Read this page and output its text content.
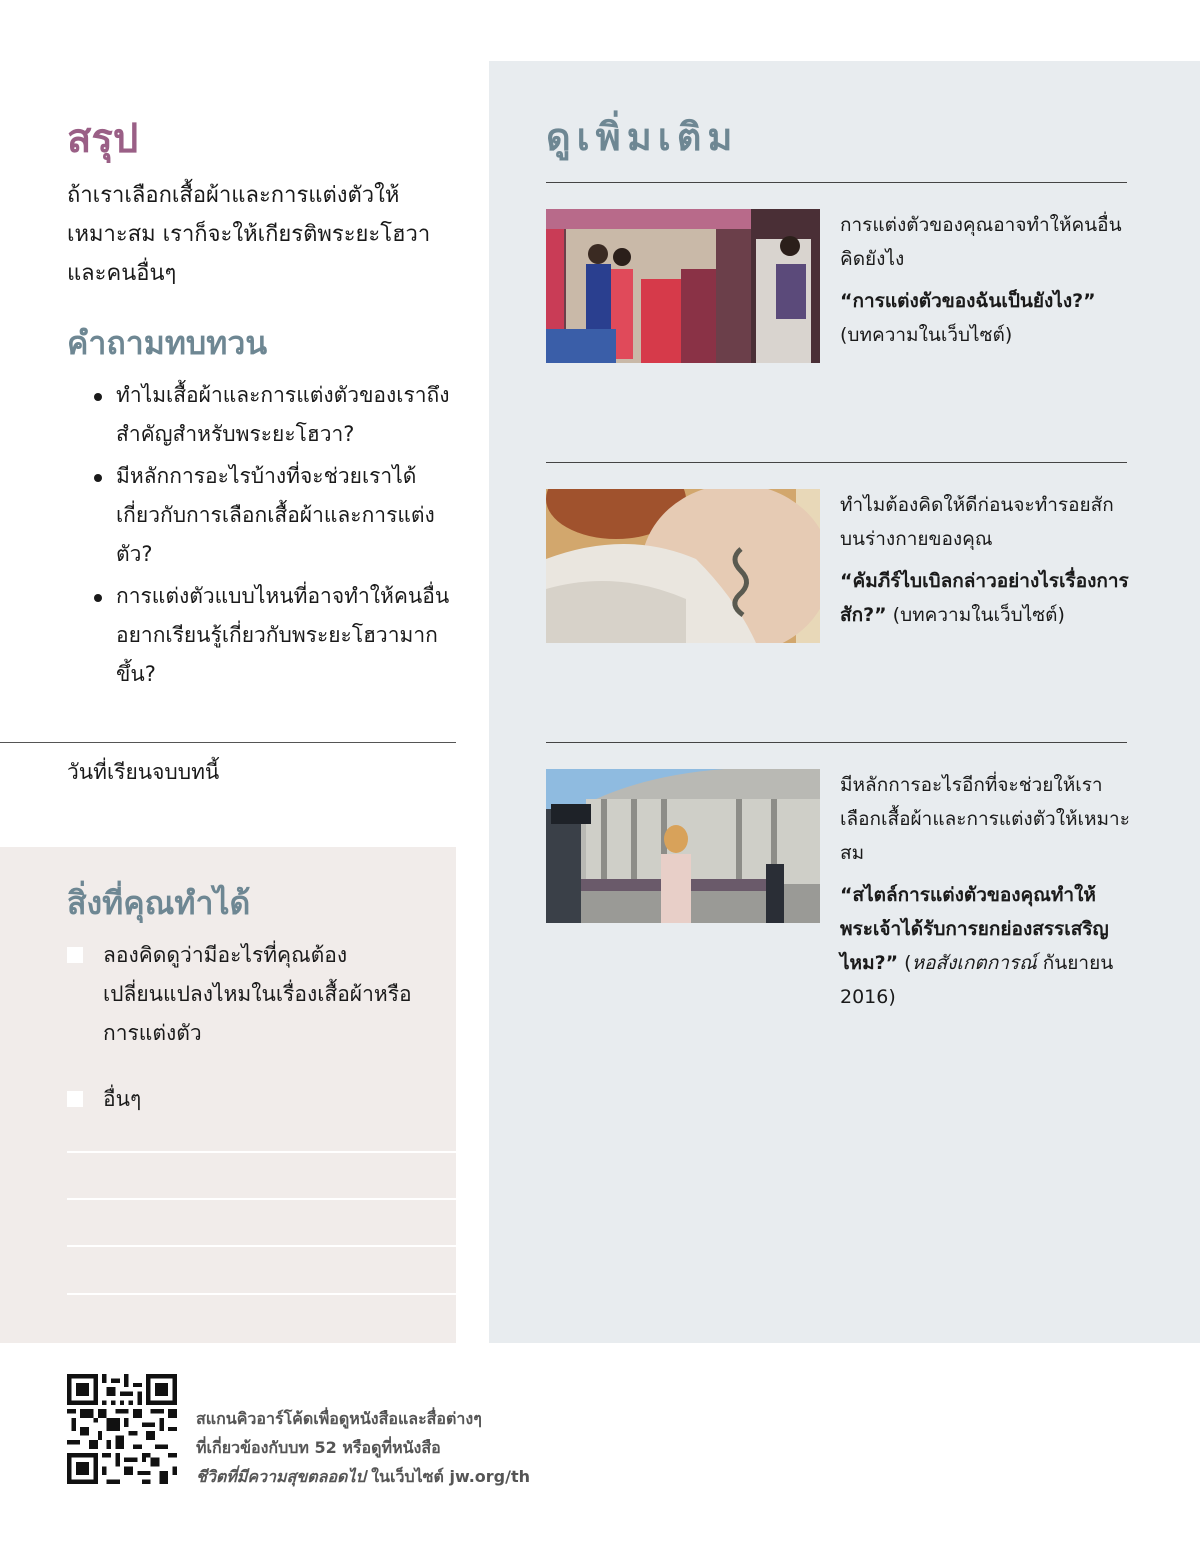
สรุป

ถ้าเราเลือกเสื้อผ้าและการแต่งตัวให้เหมาะสม เราก็จะให้เกียรติพระยะโฮวาและคนอื่นๆ

คำถามทบทวน
ทำไมเสื้อผ้าและการแต่งตัวของเราถึงสำคัญสำหรับพระยะโฮวา?
มีหลักการอะไรบ้างที่จะช่วยเราได้เกี่ยวกับการเลือกเสื้อผ้าและการแต่งตัว?
การแต่งตัวแบบไหนที่อาจทำให้คนอื่นอยากเรียนรู้เกี่ยวกับพระยะโฮวามากขึ้น?
วันที่เรียนจบบทนี้
สิ่งที่คุณทำได้
ลองคิดดูว่ามีอะไรที่คุณต้องเปลี่ยนแปลงไหมในเรื่องเสื้อผ้าหรือการแต่งตัว
อื่นๆ
ดูเพิ่มเติม
การแต่งตัวของคุณอาจทำให้คนอื่นคิดยังไง
“การแต่งตัวของฉันเป็นยังไง?” (บทความในเว็บไซต์)
ทำไมต้องคิดให้ดีก่อนจะทำรอยสักบนร่างกายของคุณ
“คัมภีร์ไบเบิลกล่าวอย่างไรเรื่องการสัก?” (บทความในเว็บไซต์)
มีหลักการอะไรอีกที่จะช่วยให้เราเลือกเสื้อผ้าและการแต่งตัวให้เหมาะสม
“สไตล์การแต่งตัวของคุณทำให้พระเจ้าได้รับการยกย่องสรรเสริญไหม?” (หอสังเกตการณ์ กันยายน 2016)
สแกนคิวอาร์โค้ดเพื่อดูหนังสือและสื่อต่างๆ
ที่เกี่ยวข้องกับบท 52 หรือดูที่หนังสือ
ชีวิตที่มีความสุขตลอดไป ในเว็บไซต์ jw.org/th
